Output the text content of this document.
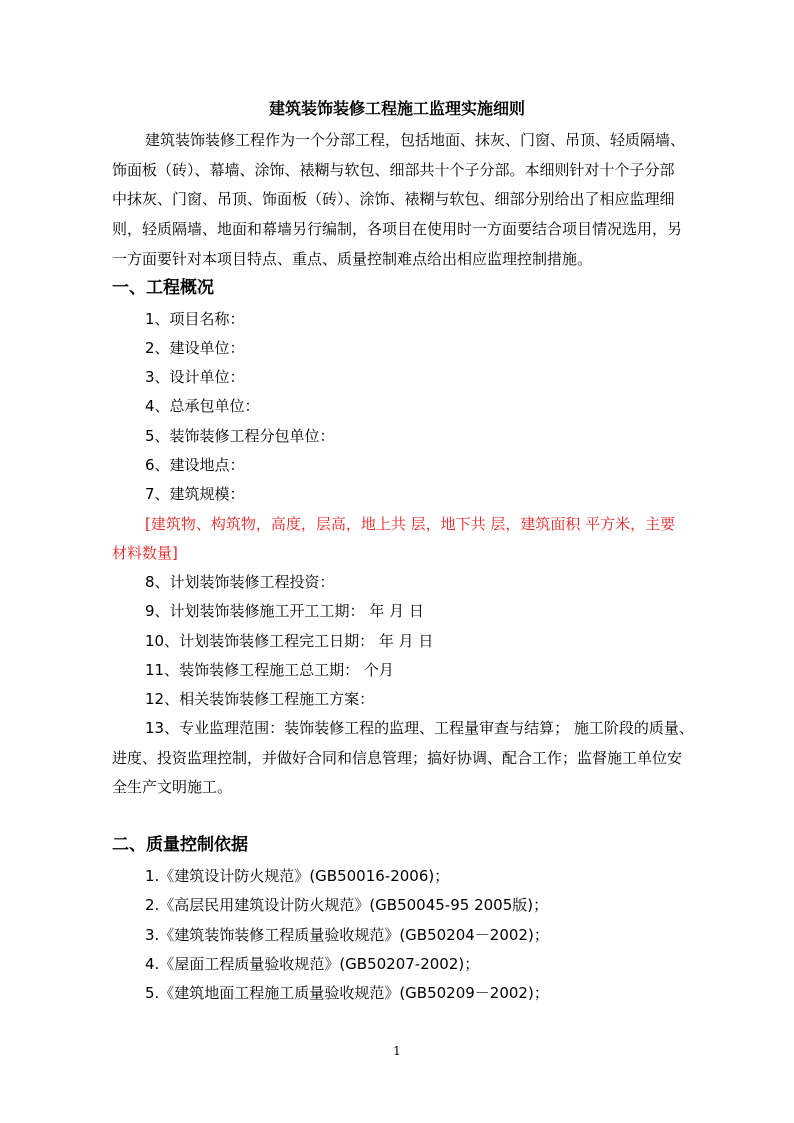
建筑装饰装修工程施工监理实施细则
建筑装饰装修工程作为一个分部工程，包括地面、抹灰、门窗、吊顶、轻质隔墙、
饰面板（砖）、幕墙、涂饰、裱糊与软包、细部共十个子分部。本细则针对十个子分部
中抹灰、门窗、吊顶、饰面板（砖）、涂饰、裱糊与软包、细部分别给出了相应监理细
则，轻质隔墙、地面和幕墙另行编制，各项目在使用时一方面要结合项目情况选用，另
一方面要针对本项目特点、重点、质量控制难点给出相应监理控制措施。
一、工程概况
1、项目名称：
2、建设单位：
3、设计单位：
4、总承包单位：
5、装饰装修工程分包单位：
6、建设地点：
7、建筑规模：
[建筑物、构筑物，高度，层高，地上共 层，地下共 层，建筑面积 平方米，主要
材料数量]
8、计划装饰装修工程投资：
9、计划装饰装修施工开工工期： 年 月 日
10、计划装饰装修工程完工日期： 年 月 日
11、装饰装修工程施工总工期： 个月
12、相关装饰装修工程施工方案：
13、专业监理范围：装饰装修工程的监理、工程量审查与结算； 施工阶段的质量、
进度、投资监理控制，并做好合同和信息管理；搞好协调、配合工作；监督施工单位安
全生产文明施工。
二、质量控制依据
1.《建筑设计防火规范》(GB50016-2006)；
2.《高层民用建筑设计防火规范》(GB50045-95 2005版)；
3.《建筑装饰装修工程质量验收规范》(GB50204－2002)；
4.《屋面工程质量验收规范》(GB50207-2002)；
5.《建筑地面工程施工质量验收规范》(GB50209－2002)；
1
